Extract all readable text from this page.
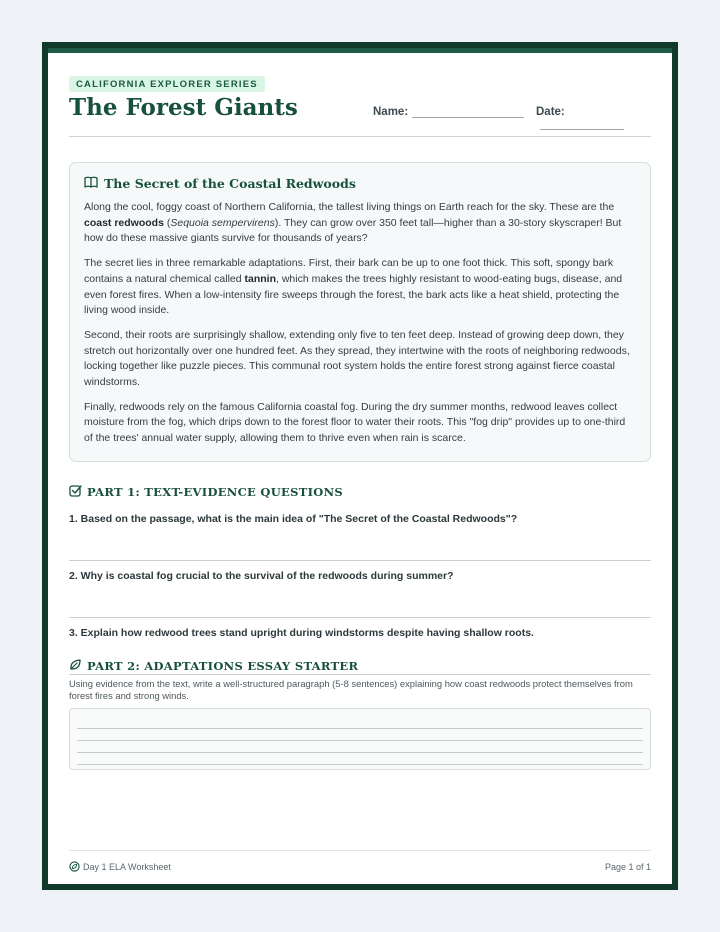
CALIFORNIA EXPLORER SERIES
The Forest Giants	Name:	Date:
The Secret of the Coastal Redwoods

Along the cool, foggy coast of Northern California, the tallest living things on Earth reach for the sky. These are the coast redwoods (Sequoia sempervirens). They can grow over 350 feet tall—higher than a 30-story skyscraper! But how do these massive giants survive for thousands of years?

The secret lies in three remarkable adaptations. First, their bark can be up to one foot thick. This soft, spongy bark contains a natural chemical called tannin, which makes the trees highly resistant to wood-eating bugs, disease, and even forest fires. When a low-intensity fire sweeps through the forest, the bark acts like a heat shield, protecting the living wood inside.

Second, their roots are surprisingly shallow, extending only five to ten feet deep. Instead of growing deep down, they stretch out horizontally over one hundred feet. As they spread, they intertwine with the roots of neighboring redwoods, locking together like puzzle pieces. This communal root system holds the entire forest strong against fierce coastal windstorms.

Finally, redwoods rely on the famous California coastal fog. During the dry summer months, redwood leaves collect moisture from the fog, which drips down to the forest floor to water their roots. This "fog drip" provides up to one-third of the trees' annual water supply, allowing them to thrive even when rain is scarce.

PART 1: TEXT-EVIDENCE QUESTIONS
1. Based on the passage, what is the main idea of "The Secret of the Coastal Redwoods"?
2. Why is coastal fog crucial to the survival of the redwoods during summer?
3. Explain how redwood trees stand upright during windstorms despite having shallow roots.
PART 2: ADAPTATIONS ESSAY STARTER
Using evidence from the text, write a well-structured paragraph (5-8 sentences) explaining how coast redwoods protect themselves from forest fires and strong winds.
Day 1 ELA Worksheet	Page 1 of 1
